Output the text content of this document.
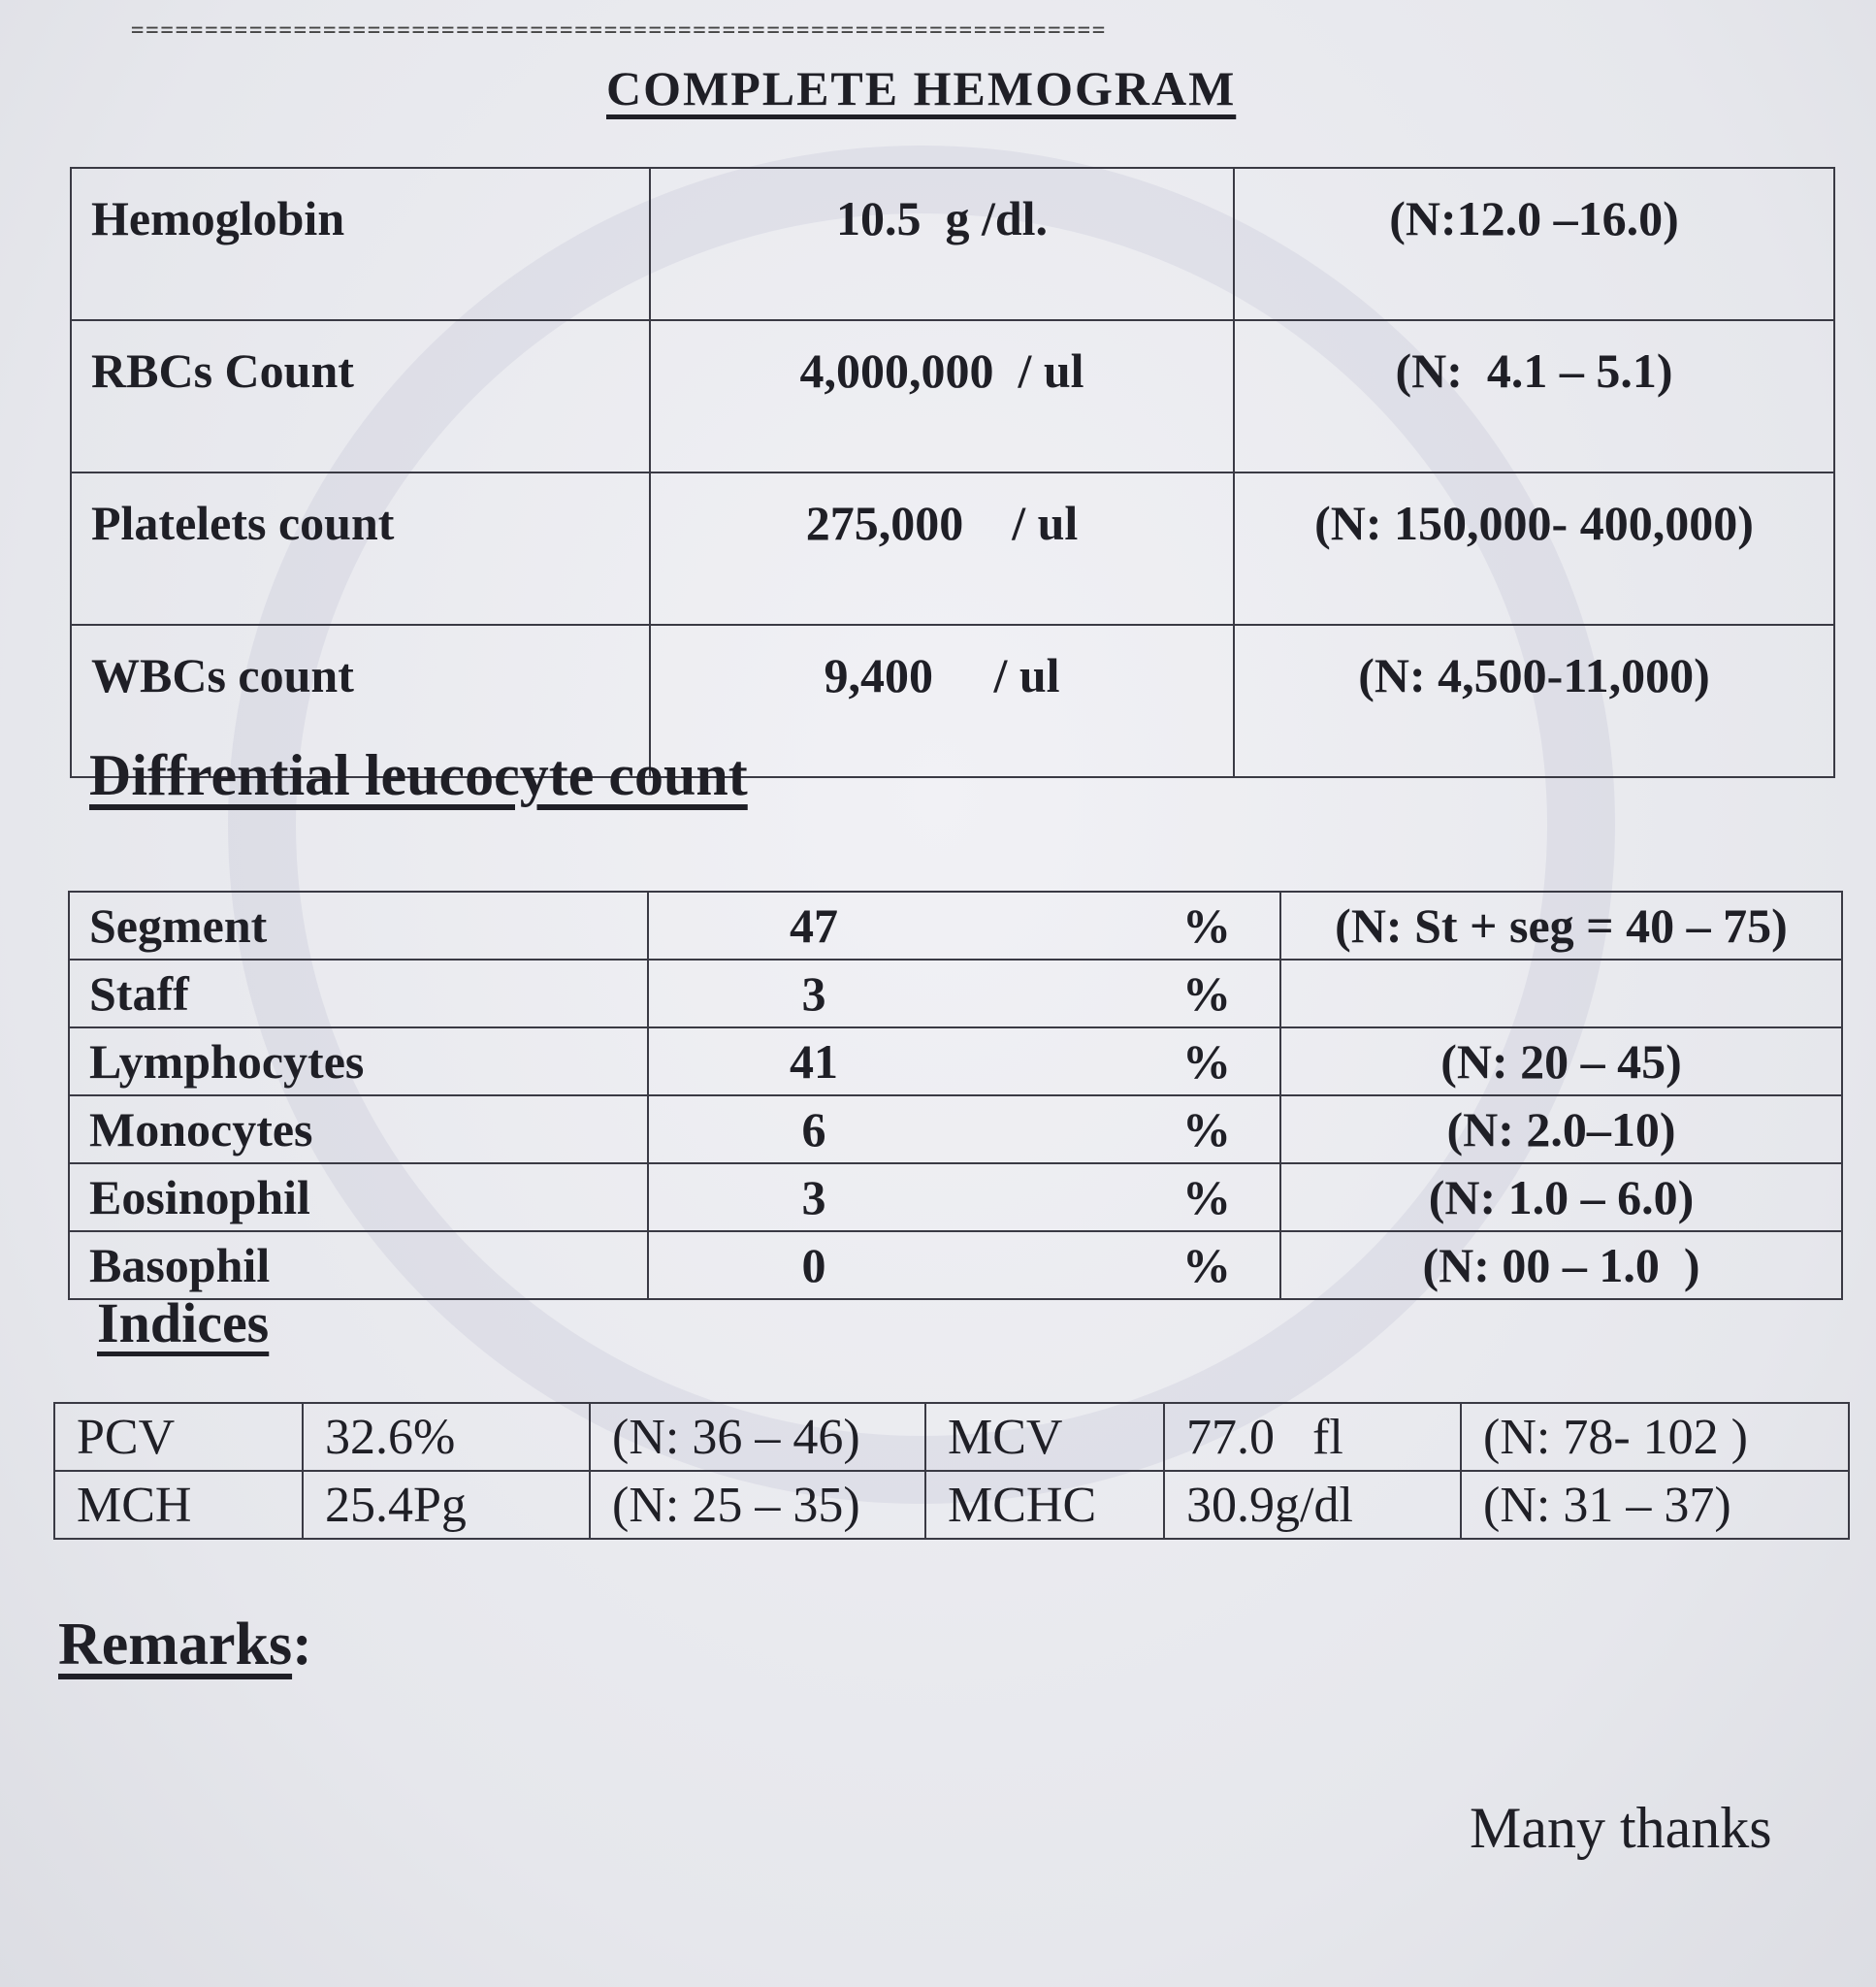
==================================================================
COMPLETE HEMOGRAM
Hemoglobin	10.5  g /dl.	(N:12.0 –16.0)
RBCs Count	4,000,000  / ul	(N:  4.1 – 5.1)
Platelets count	275,000    / ul	(N: 150,000- 400,000)
WBCs count	9,400     / ul	(N: 4,500-11,000)
Diffrential leucocyte count
Segment	47	%	(N: St + seg = 40 – 75)
Staff	3	%	
Lymphocytes	41	%	(N: 20 – 45)
Monocytes	6	%	(N: 2.0–10)
Eosinophil	3	%	(N: 1.0 – 6.0)
Basophil	0	%	(N: 00 – 1.0  )
Indices
PCV	32.6%	(N: 36 – 46)	MCV	77.0   fl	(N: 78- 102 )
MCH	25.4Pg	(N: 25 – 35)	MCHC	30.9g/dl	(N: 31 – 37)
Remarks:
Many thanks
